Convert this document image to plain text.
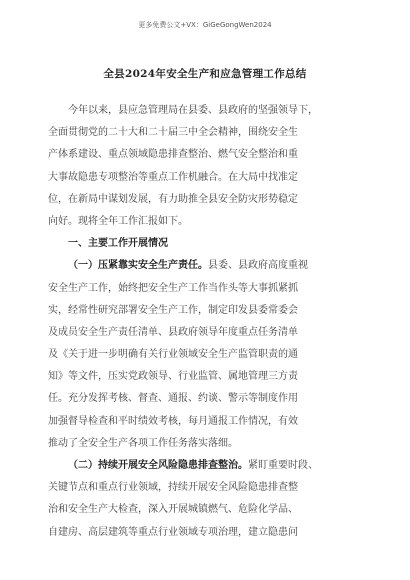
更多免费公文+VX：GiGeGongWen2024
全县2024年安全生产和应急管理工作总结
今年以来，县应急管理局在县委、县政府的坚强领导下，
全面贯彻党的二十大和二十届三中全会精神，围绕安全生
产体系建设、重点领域隐患排查整治、燃气安全整治和重
大事故隐患专项整治等重点工作机融合。在大局中找准定
位，在新局中谋划发展，有力助推全县安全防灾形势稳定
向好。现将全年工作汇报如下。
一、主要工作开展情况
（一）压紧靠实安全生产责任。县委、县政府高度重视
安全生产工作，始终把安全生产工作当作头等大事抓紧抓
实，经常性研究部署安全生产工作，制定印发县委常委会
及成员安全生产责任清单、县政府领导年度重点任务清单
及《关于进一步明确有关行业领域安全生产监管职责的通
知》等文件，压实党政领导、行业监管、属地管理三方责
任。充分发挥考核、督查、通报、约谈、警示等制度作用
加强督导检查和平时绩效考核，每月通报工作情况，有效
推动了全安全生产各项工作任务落实落细。
（二）持续开展安全风险隐患排查整治。紧盯重要时段、
关键节点和重点行业领域，持续开展安全风险隐患排查整
治和安全生产大检查，深入开展城镇燃气、危险化学品、
自建房、高层建筑等重点行业领域专项治理，建立隐患问
